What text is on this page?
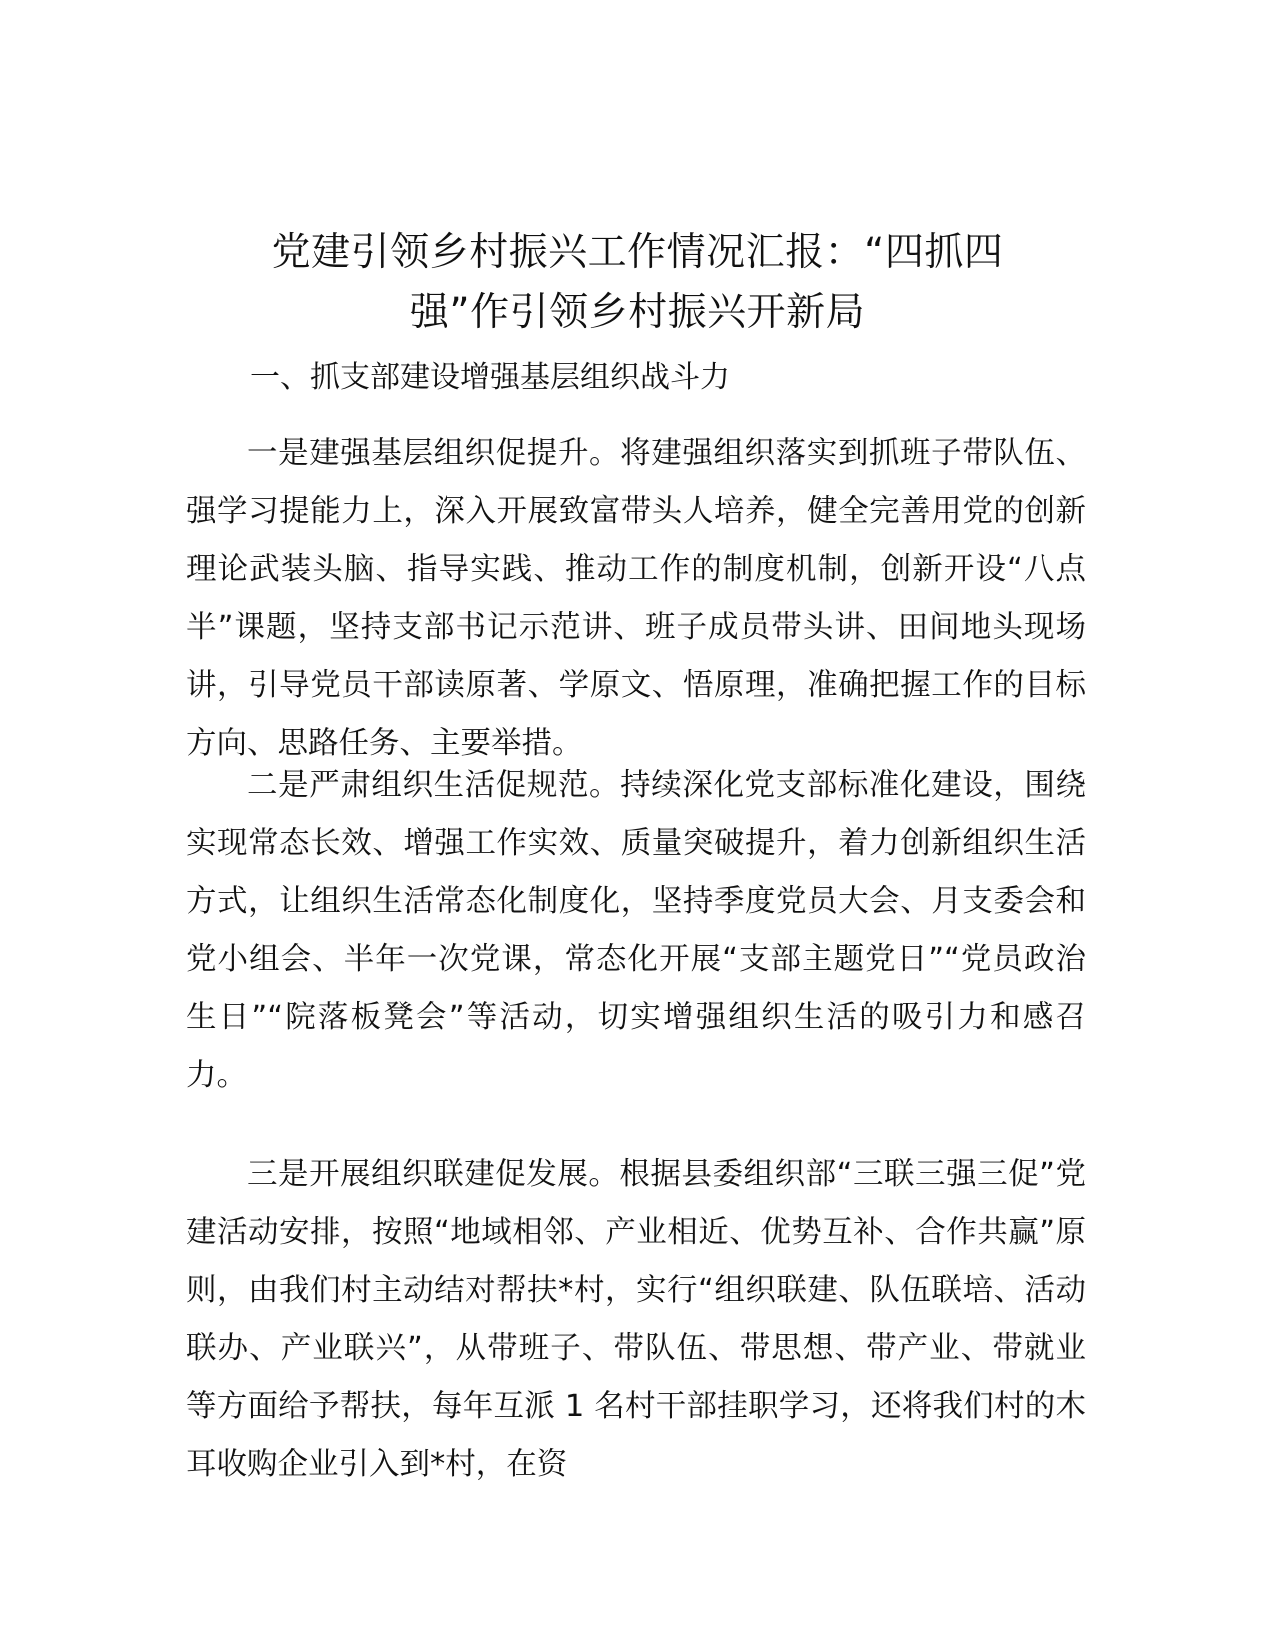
党建引领乡村振兴工作情况汇报：“四抓四
强”作引领乡村振兴开新局
一、抓支部建设增强基层组织战斗力

一是建强基层组织促提升。将建强组织落实到抓班子带队伍、强学习提能力上，深入开展致富带头人培养，健全完善用党的创新理论武装头脑、指导实践、推动工作的制度机制，创新开设“八点半”课题，坚持支部书记示范讲、班子成员带头讲、田间地头现场讲，引导党员干部读原著、学原文、悟原理，准确把握工作的目标方向、思路任务、主要举措。

二是严肃组织生活促规范。持续深化党支部标准化建设，围绕实现常态长效、增强工作实效、质量突破提升，着力创新组织生活方式，让组织生活常态化制度化，坚持季度党员大会、月支委会和党小组会、半年一次党课，常态化开展“支部主题党日”“党员政治生日”“院落板凳会”等活动，切实增强组织生活的吸引力和感召力。

三是开展组织联建促发展。根据县委组织部“三联三强三促”党建活动安排，按照“地域相邻、产业相近、优势互补、合作共赢”原则，由我们村主动结对帮扶*村，实行“组织联建、队伍联培、活动联办、产业联兴”，从带班子、带队伍、带思想、带产业、带就业等方面给予帮扶，每年互派 1 名村干部挂职学习，还将我们村的木耳收购企业引入到*村，在资
